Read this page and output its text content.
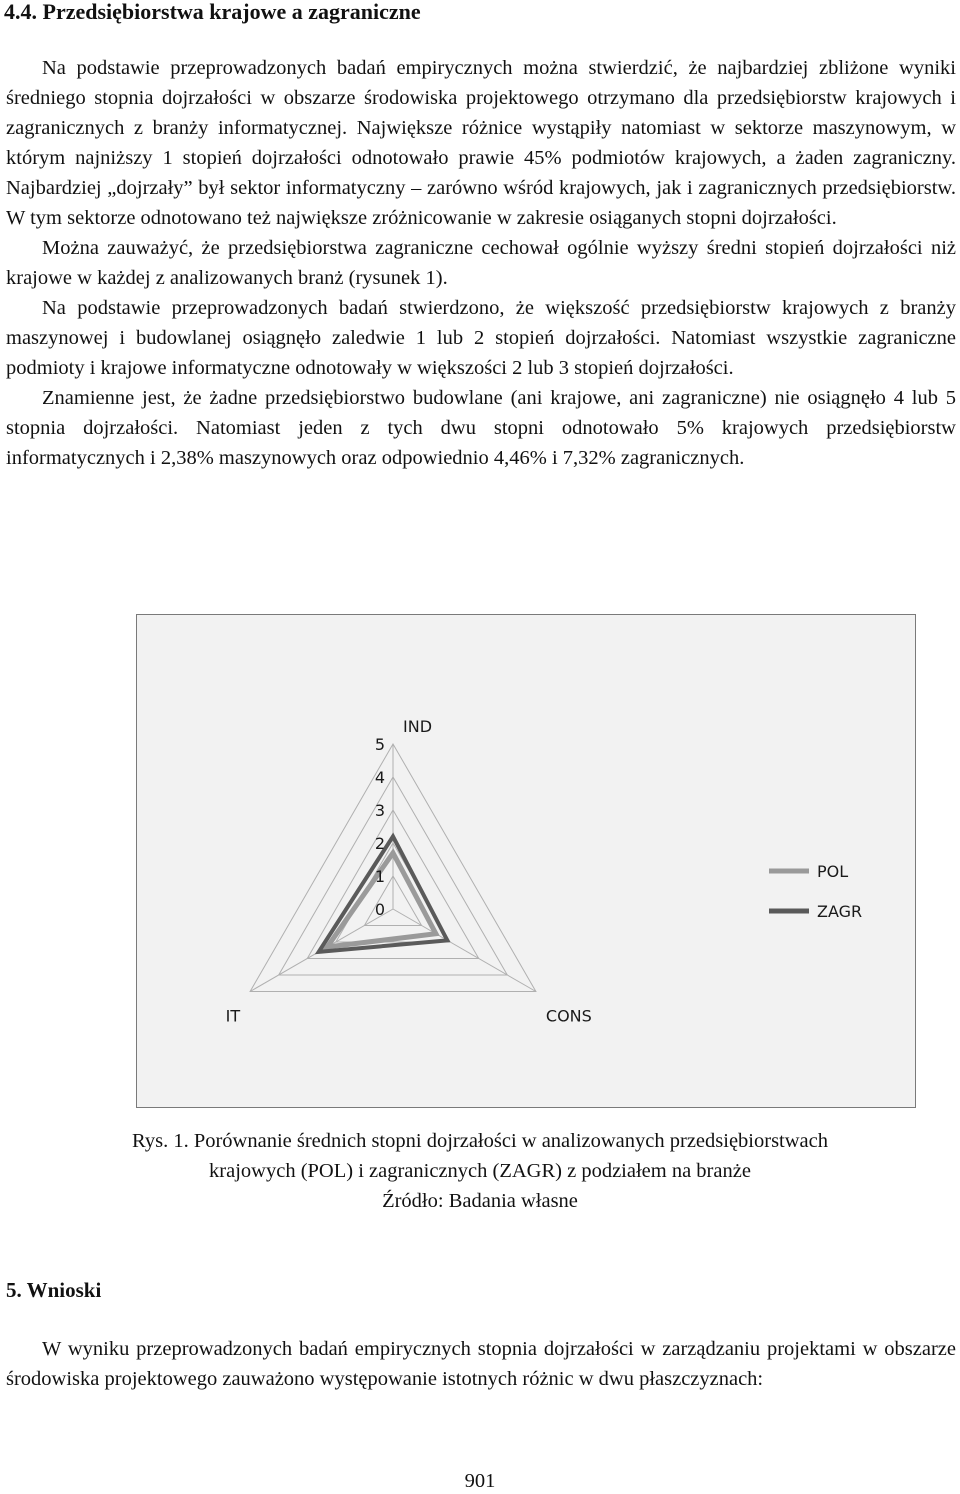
4.4. Przedsiębiorstwa krajowe a zagraniczne

Na podstawie przeprowadzonych badań empirycznych można stwierdzić, że najbardziej zbliżone wyniki średniego stopnia dojrzałości w obszarze środowiska projektowego otrzymano dla przedsiębiorstw krajowych i zagranicznych z branży informatycznej. Największe różnice wystąpiły natomiast w sektorze maszynowym, w którym najniższy 1 stopień dojrzałości odnotowało prawie 45% podmiotów krajowych, a żaden zagraniczny. Najbardziej „dojrzały” był sektor informatyczny – zarówno wśród krajowych, jak i zagranicznych przedsiębiorstw. W tym sektorze odnotowano też największe zróżnicowanie w zakresie osiąganych stopni dojrzałości.

Można zauważyć, że przedsiębiorstwa zagraniczne cechował ogólnie wyższy średni stopień dojrzałości niż krajowe w każdej z analizowanych branż (rysunek 1).

Na podstawie przeprowadzonych badań stwierdzono, że większość przedsiębiorstw krajowych z branży maszynowej i budowlanej osiągnęło zaledwie 1 lub 2 stopień dojrzałości. Natomiast wszystkie zagraniczne podmioty i krajowe informatyczne odnotowały w większości 2 lub 3 stopień dojrzałości.

Znamienne jest, że żadne przedsiębiorstwo budowlane (ani krajowe, ani zagraniczne) nie osiągnęło 4 lub 5 stopnia dojrzałości. Natomiast jeden z tych dwu stopni odnotowało 5% krajowych przedsiębiorstw informatycznych i 2,38% maszynowych oraz odpowiednio 4,46% i 7,32% zagranicznych.

0
1
2
3
4
5
IND
CONS
IT
POL
ZAGR
Rys. 1. Porównanie średnich stopni dojrzałości w analizowanych przedsiębiorstwach
krajowych (POL) i zagranicznych (ZAGR) z podziałem na branże
Źródło: Badania własne
5. Wnioski

W wyniku przeprowadzonych badań empirycznych stopnia dojrzałości w zarządzaniu projektami w obszarze środowiska projektowego zauważono występowanie istotnych różnic w dwu płaszczyznach:

901
